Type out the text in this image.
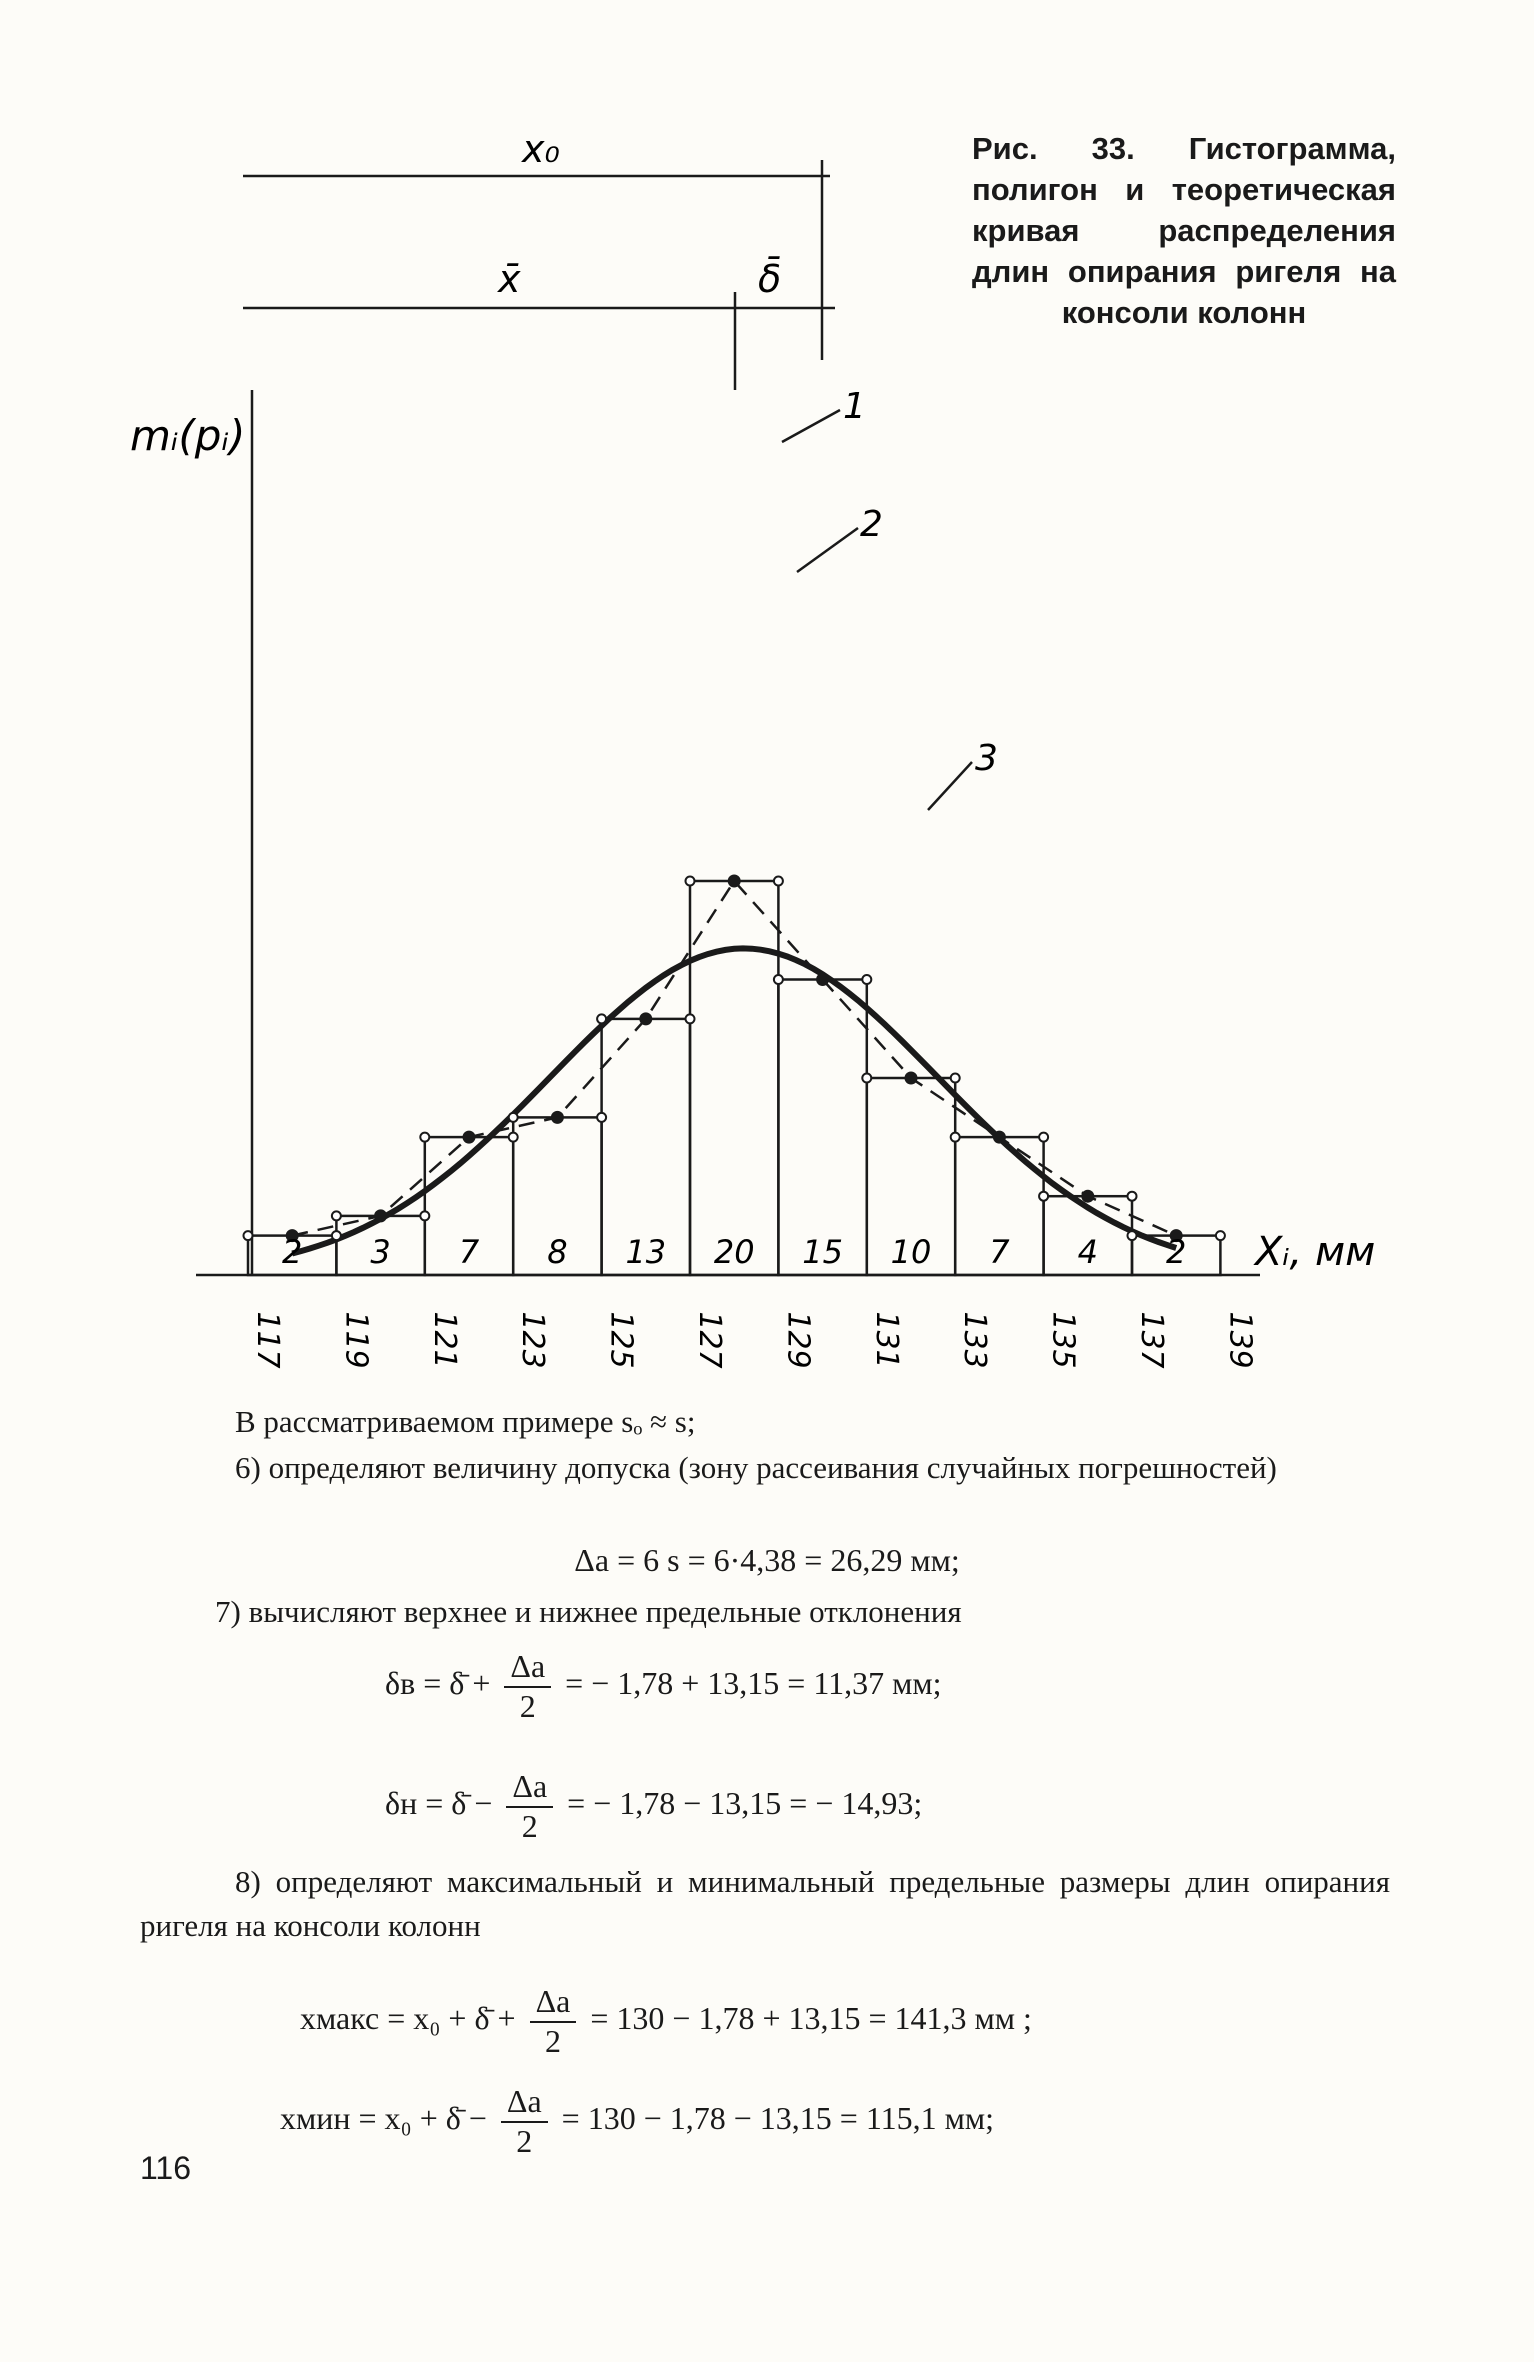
x₀
x̄	δ̄
mᵢ(pᵢ)
Xᵢ, мм
2 3 7 8 13 20 15 10 7 4 2
117 119 121 123 125 127 129 131 133 135 137 139
1
2
3
Рис. 33. Гистограмма, полигон и теоретическая кривая распределения длин опирания ригеля на консоли колонн
В рассматриваемом примере sₒ ≈ s;
6) определяют величину допуска (зону рассеивания случайных погрешностей)
Δа = 6 s = 6·4,38 = 26,29 мм;
7) вычисляют верхнее и нижнее предельные отклонения
δв = δ̄ + $\frac{\Delta а}{2}$ = − 1,78 + 13,15 = 11,37 мм;
δн = δ̄ − $\frac{\Delta а}{2}$ = − 1,78 − 13,15 = − 14,93;
8) определяют максимальный и минимальный предельные размеры длин опирания ригеля на консоли колонн
xмакс = x₀ + δ̄ + $\frac{\Delta а}{2} = 130 - 1,78 + 13,15 = 141,3$ мм ;
xмин = x₀ + δ̄ − $\frac{\Delta а}{2} = 130 - 1,78 - 13,15 = 115,1$ мм;
116
